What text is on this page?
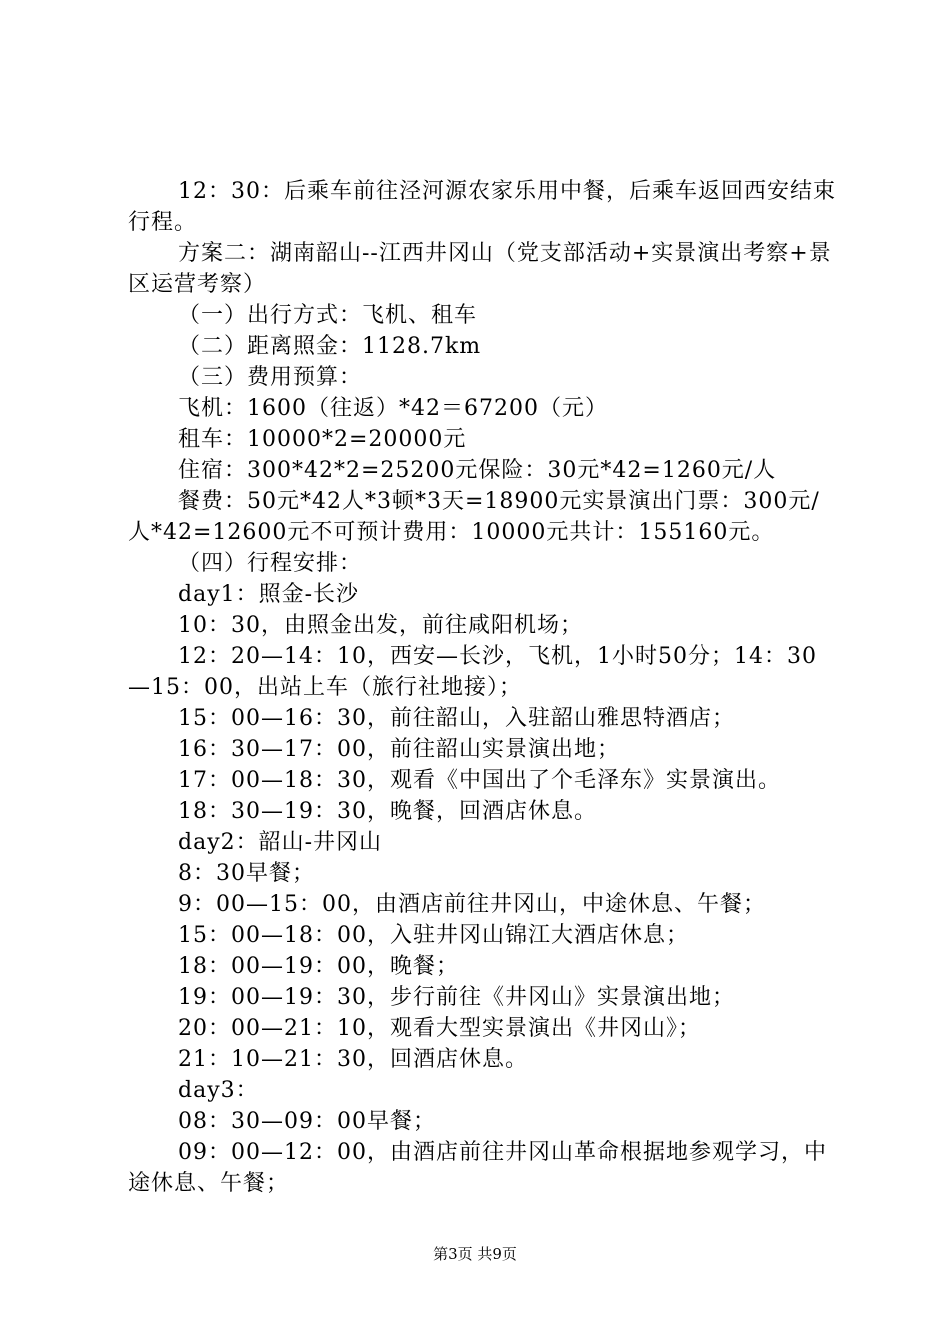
12：30：后乘车前往泾河源农家乐用中餐，后乘车返回西安结束行程。

方案二：湖南韶山--江西井冈山（党支部活动+实景演出考察+景区运营考察）

（一）出行方式：飞机、租车

（二）距离照金：1128.7km

（三）费用预算：

飞机：1600（往返）*42＝67200（元）

租车：10000*2=20000元

住宿：300*42*2=25200元保险：30元*42=1260元/人

餐费：50元*42人*3顿*3天=18900元实景演出门票：300元/人*42=12600元不可预计费用：10000元共计：155160元。

（四）行程安排：

day1：照金-长沙

10：30，由照金出发，前往咸阳机场；

12：20—14：10，西安—长沙，飞机，1小时50分；14：30—15：00，出站上车（旅行社地接）；

15：00—16：30，前往韶山，入驻韶山雅思特酒店；

16：30—17：00，前往韶山实景演出地；

17：00—18：30，观看《中国出了个毛泽东》实景演出。

18：30—19：30，晚餐，回酒店休息。

day2：韶山-井冈山

8：30早餐；

9：00—15：00，由酒店前往井冈山，中途休息、午餐；

15：00—18：00，入驻井冈山锦江大酒店休息；

18：00—19：00，晚餐；

19：00—19：30，步行前往《井冈山》实景演出地；

20：00—21：10，观看大型实景演出《井冈山》；

21：10—21：30，回酒店休息。

day3：

08：30—09：00早餐；

09：00—12：00，由酒店前往井冈山革命根据地参观学习，中途休息、午餐；

第3页 共9页
